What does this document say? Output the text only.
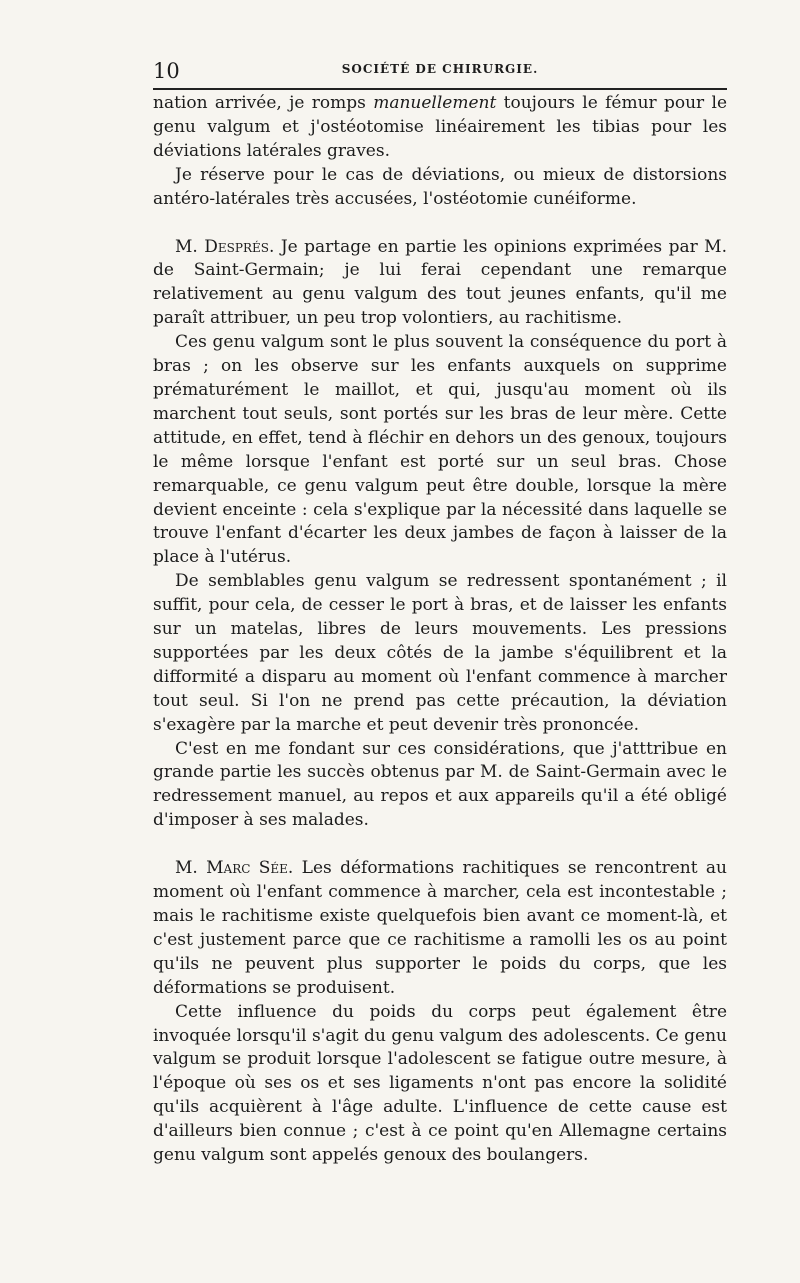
10	SOCIÉTÉ DE CHIRURGIE.

nation arrivée, je romps manuellement toujours le fémur pour le genu valgum et j'ostéotomise linéairement les tibias pour les déviations latérales graves.

Je réserve pour le cas de déviations, ou mieux de distorsions antéro-latérales très accusées, l'ostéotomie cunéiforme.

M. Després. Je partage en partie les opinions exprimées par M. de Saint-Germain; je lui ferai cependant une remarque relativement au genu valgum des tout jeunes enfants, qu'il me paraît attribuer, un peu trop volontiers, au rachitisme.

Ces genu valgum sont le plus souvent la conséquence du port à bras ; on les observe sur les enfants auxquels on supprime prématurément le maillot, et qui, jusqu'au moment où ils marchent tout seuls, sont portés sur les bras de leur mère. Cette attitude, en effet, tend à fléchir en dehors un des genoux, toujours le même lorsque l'enfant est porté sur un seul bras. Chose remarquable, ce genu valgum peut être double, lorsque la mère devient enceinte : cela s'explique par la nécessité dans laquelle se trouve l'enfant d'écarter les deux jambes de façon à laisser de la place à l'utérus.

De semblables genu valgum se redressent spontanément ; il suffit, pour cela, de cesser le port à bras, et de laisser les enfants sur un matelas, libres de leurs mouvements. Les pressions supportées par les deux côtés de la jambe s'équilibrent et la difformité a disparu au moment où l'enfant commence à marcher tout seul. Si l'on ne prend pas cette précaution, la déviation s'exagère par la marche et peut devenir très prononcée.

C'est en me fondant sur ces considérations, que j'atttribue en grande partie les succès obtenus par M. de Saint-Germain avec le redressement manuel, au repos et aux appareils qu'il a été obligé d'imposer à ses malades.

M. Marc Sée. Les déformations rachitiques se rencontrent au moment où l'enfant commence à marcher, cela est incontestable ; mais le rachitisme existe quelquefois bien avant ce moment-là, et c'est justement parce que ce rachitisme a ramolli les os au point qu'ils ne peuvent plus supporter le poids du corps, que les déformations se produisent.

Cette influence du poids du corps peut également être invoquée lorsqu'il s'agit du genu valgum des adolescents. Ce genu valgum se produit lorsque l'adolescent se fatigue outre mesure, à l'époque où ses os et ses ligaments n'ont pas encore la solidité qu'ils acquièrent à l'âge adulte. L'influence de cette cause est d'ailleurs bien connue ; c'est à ce point qu'en Allemagne certains genu valgum sont appelés genoux des boulangers.
